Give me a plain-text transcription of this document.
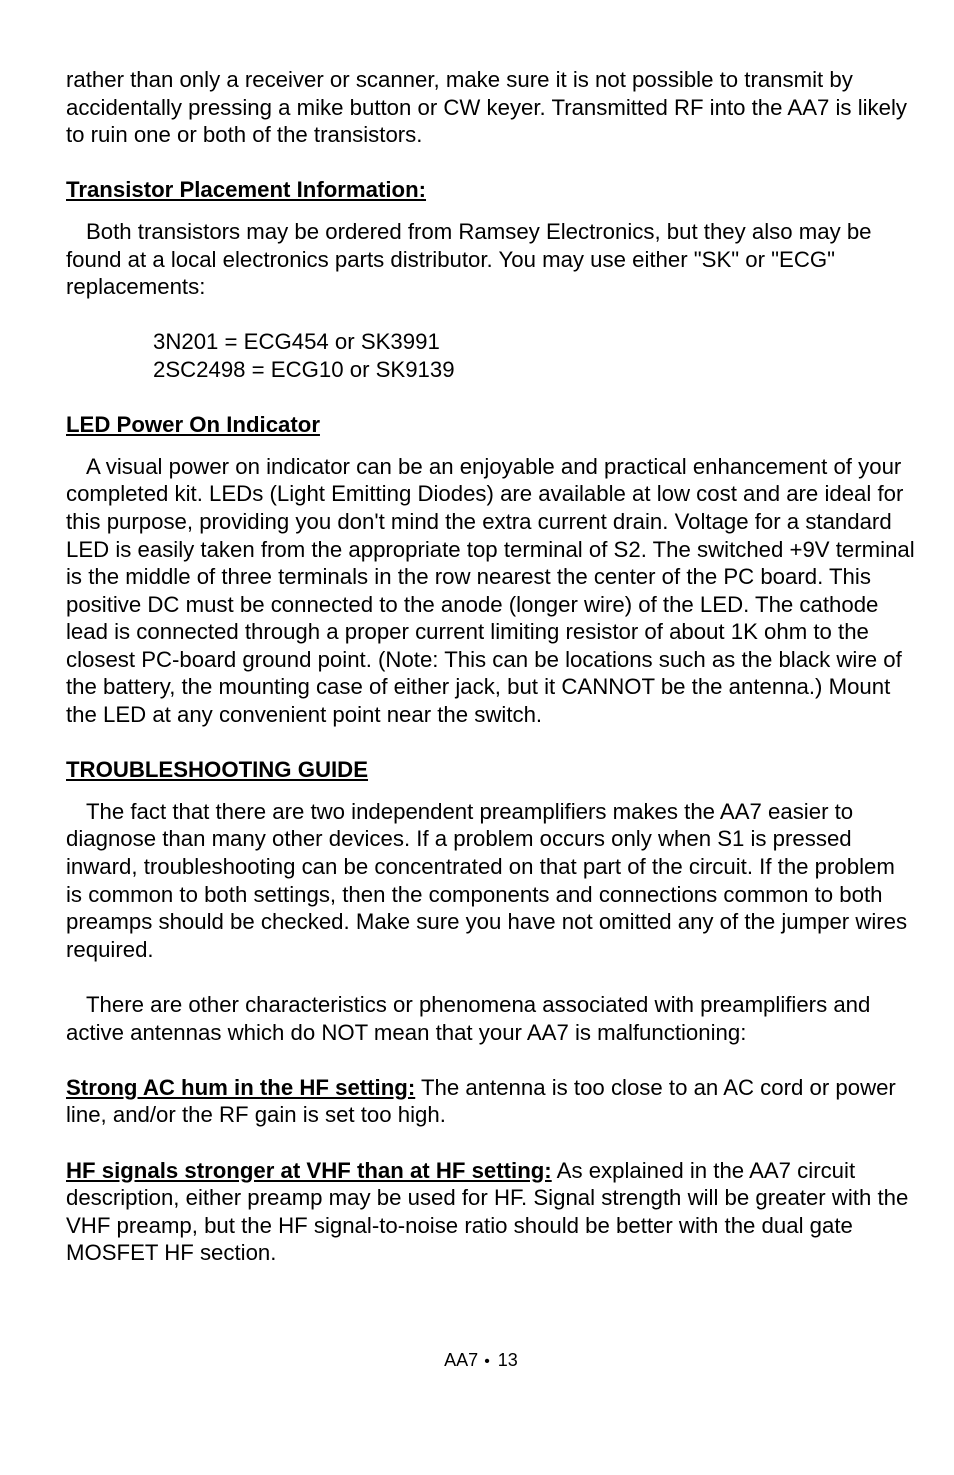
rather than only a receiver or scanner, make sure it is not possible to transmit by accidentally pressing a mike button or CW keyer. Transmitted RF into the AA7 is likely to ruin one or both of the transistors.

Transistor Placement Information:

Both transistors may be ordered from Ramsey Electronics, but they also may be found at a local electronics parts distributor. You may use either "SK" or "ECG" replacements:

3N201 = ECG454 or SK3991

2SC2498 = ECG10 or SK9139

LED Power On Indicator

A visual power on indicator can be an enjoyable and practical enhancement of your completed kit. LEDs (Light Emitting Diodes) are available at low cost and are ideal for this purpose, providing you don't mind the extra current drain. Voltage for a standard LED is easily taken from the appropriate top terminal of S2. The switched +9V terminal is the middle of three terminals in the row nearest the center of the PC board. This positive DC must be connected to the anode (longer wire) of the LED. The cathode lead is connected through a proper current limiting resistor of about 1K ohm to the closest PC-board ground point. (Note: This can be locations such as the black wire of the battery, the mounting case of either jack, but it CANNOT be the antenna.) Mount the LED at any convenient point near the switch.

TROUBLESHOOTING GUIDE

The fact that there are two independent preamplifiers makes the AA7 easier to diagnose than many other devices. If a problem occurs only when S1 is pressed inward, troubleshooting can be concentrated on that part of the circuit. If the problem is common to both settings, then the components and connections common to both preamps should be checked. Make sure you have not omitted any of the jumper wires required.

There are other characteristics or phenomena associated with preamplifiers and active antennas which do NOT mean that your AA7 is malfunctioning:

Strong AC hum in the HF setting: The antenna is too close to an AC cord or power line, and/or the RF gain is set too high.

HF signals stronger at VHF than at HF setting: As explained in the AA7 circuit description, either preamp may be used for HF. Signal strength will be greater with the VHF preamp, but the HF signal-to-noise ratio should be better with the dual gate MOSFET HF section.

AA7 • 13
